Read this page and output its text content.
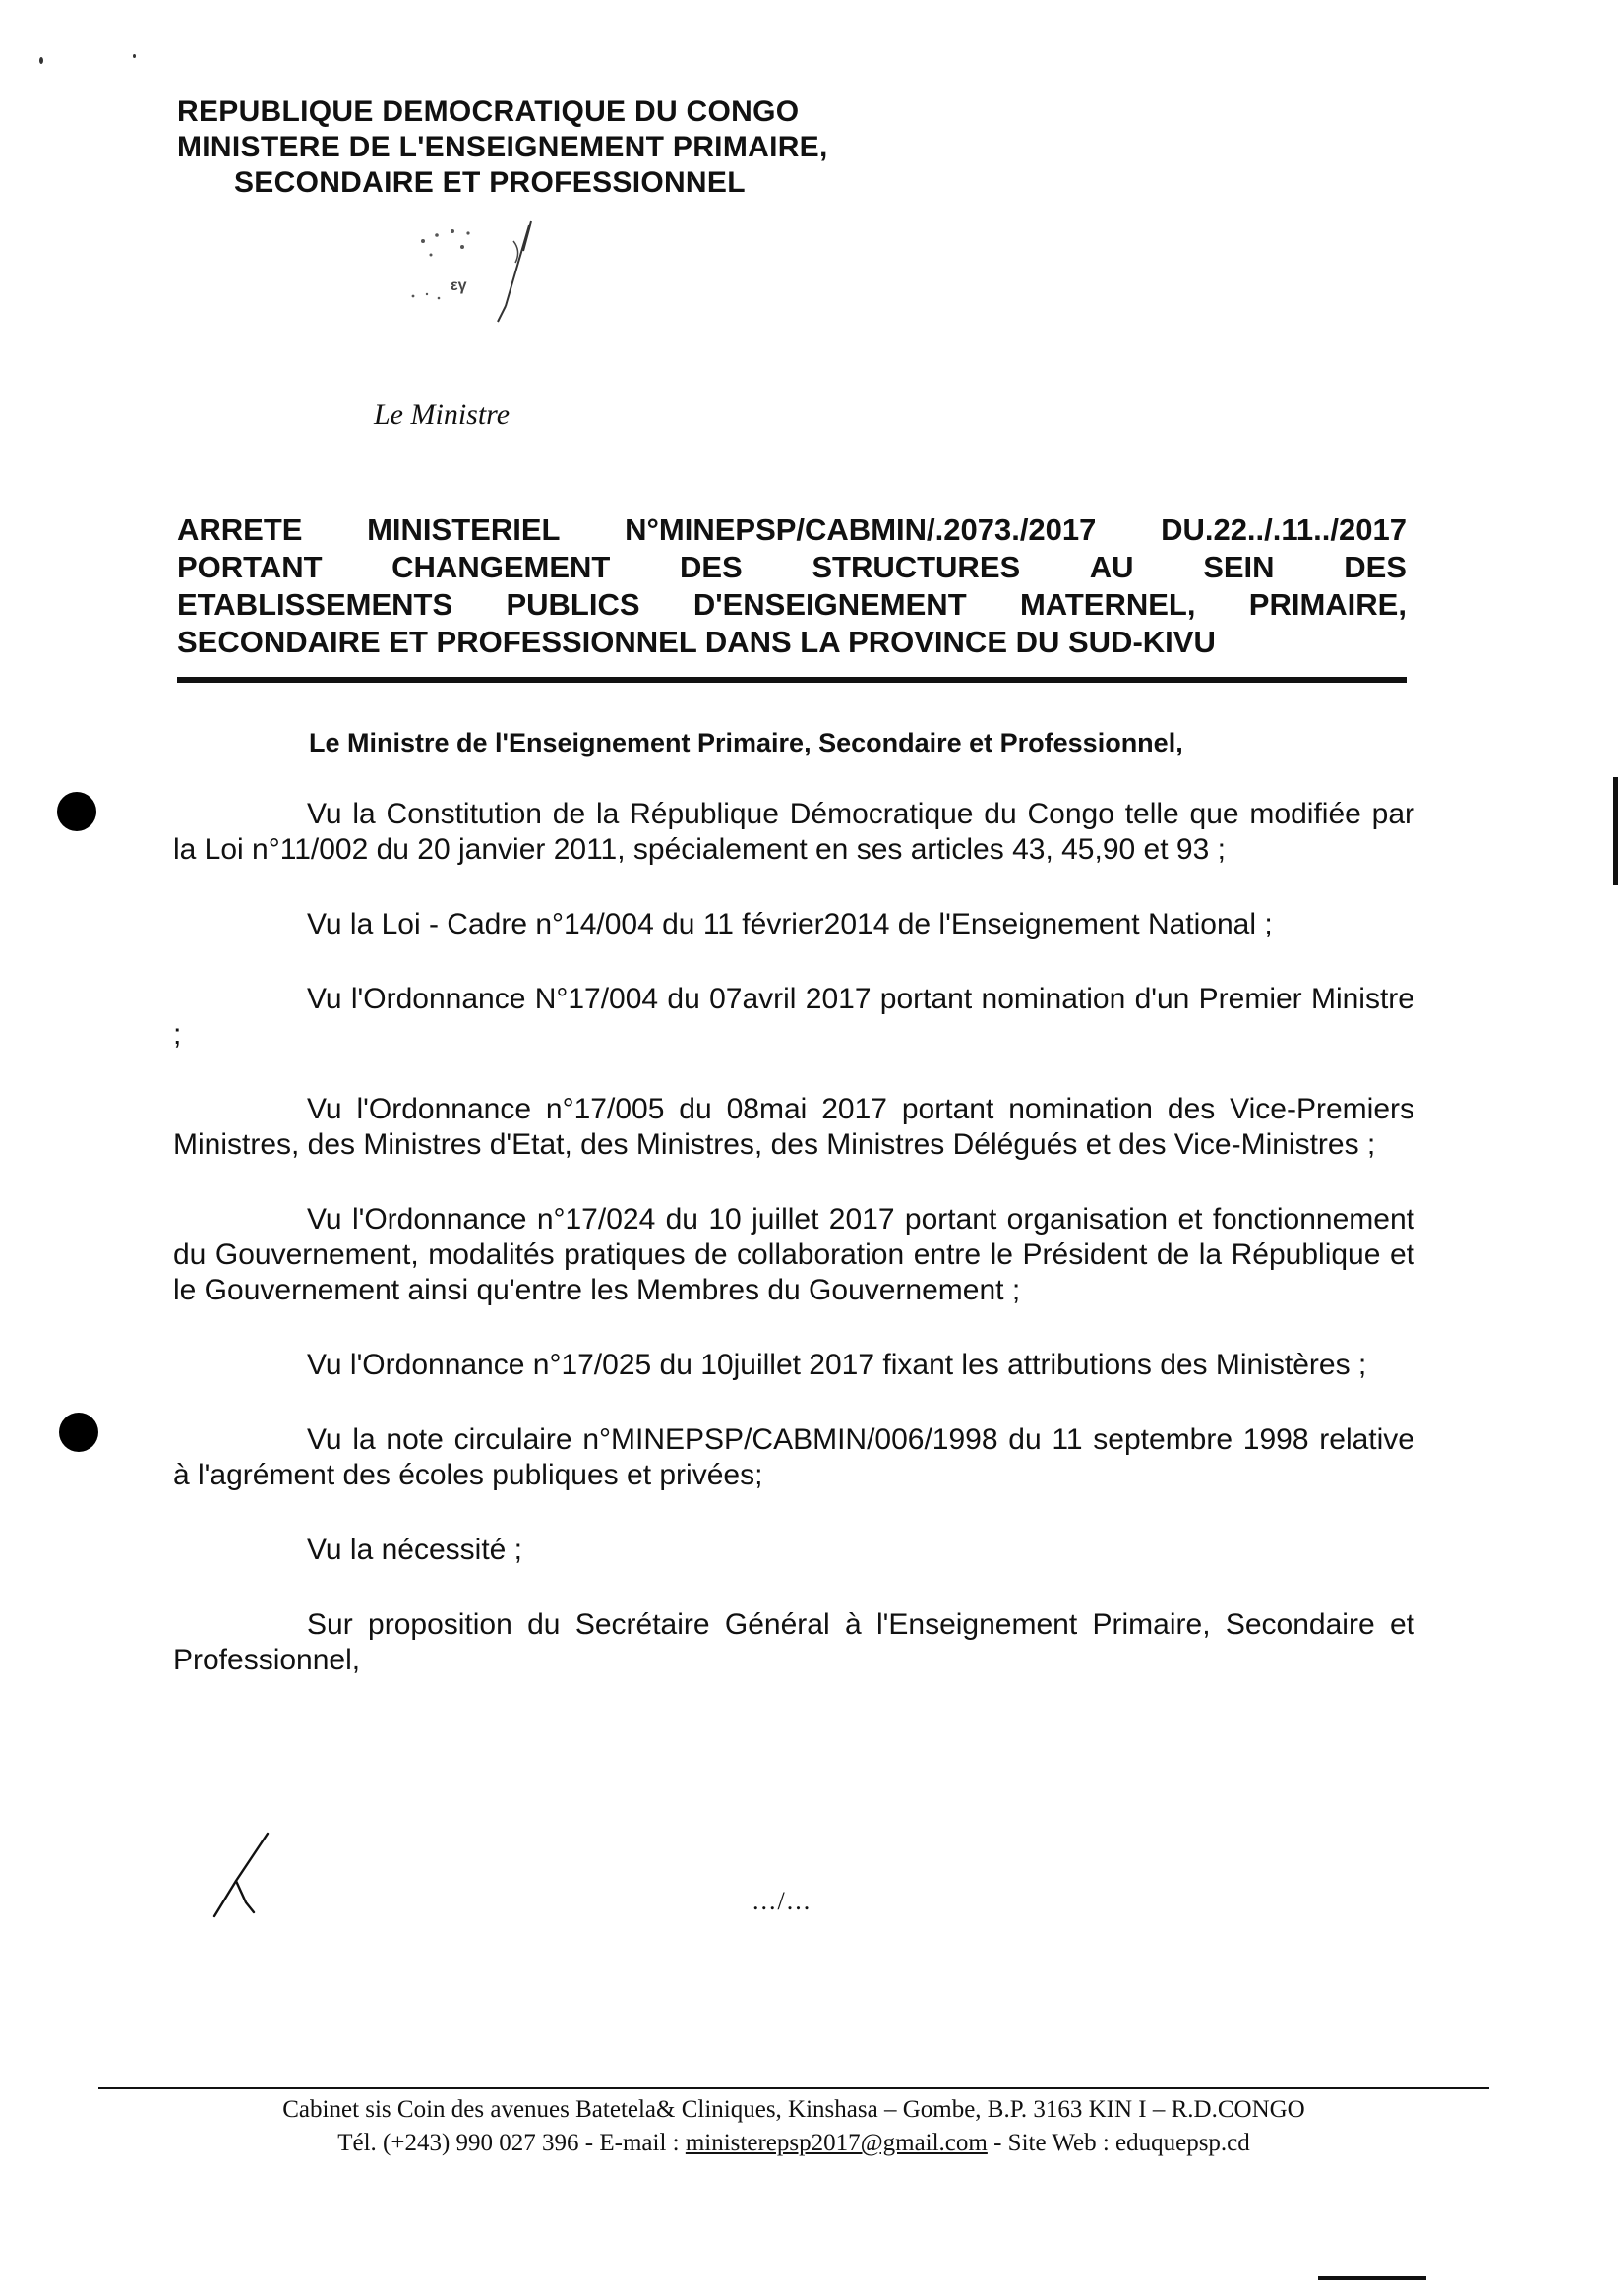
REPUBLIQUE DEMOCRATIQUE DU CONGO
MINISTERE DE L'ENSEIGNEMENT PRIMAIRE,
SECONDAIRE ET PROFESSIONNEL
εγ
Le Ministre
ARRETE MINISTERIEL N°MINEPSP/CABMIN/.2073./2017 DU.22../.11../2017
PORTANT CHANGEMENT DES STRUCTURES AU SEIN DES
ETABLISSEMENTS PUBLICS D'ENSEIGNEMENT MATERNEL, PRIMAIRE,
SECONDAIRE ET PROFESSIONNEL DANS LA PROVINCE DU SUD-KIVU
Le Ministre de l'Enseignement Primaire, Secondaire et Professionnel,

Vu la Constitution de la République Démocratique du Congo telle que modifiée par la Loi n°11/002 du 20 janvier 2011, spécialement en ses articles 43, 45,90 et 93 ;

Vu la Loi - Cadre n°14/004 du 11 février2014 de l'Enseignement National ;

Vu l'Ordonnance N°17/004 du 07avril 2017 portant nomination d'un Premier Ministre ;

Vu l'Ordonnance n°17/005 du 08mai 2017 portant nomination des Vice-Premiers Ministres, des Ministres d'Etat, des Ministres, des Ministres Délégués et des Vice-Ministres ;

Vu l'Ordonnance n°17/024 du 10 juillet 2017 portant organisation et fonctionnement du Gouvernement, modalités pratiques de collaboration entre le Président de la République et le Gouvernement ainsi qu'entre les Membres du Gouvernement ;

Vu l'Ordonnance n°17/025 du 10juillet 2017 fixant les attributions des Ministères ;

Vu la note circulaire n°MINEPSP/CABMIN/006/1998 du 11 septembre 1998 relative à l'agrément des écoles publiques et privées;

Vu la nécessité ;

Sur proposition du Secrétaire Général à l'Enseignement Primaire, Secondaire et Professionnel,

.../...
Cabinet sis Coin des avenues Batetela& Cliniques, Kinshasa – Gombe, B.P. 3163 KIN I – R.D.CONGO
Tél. (+243) 990 027 396 - E-mail : ministerepsp2017@gmail.com - Site Web : eduquepsp.cd
